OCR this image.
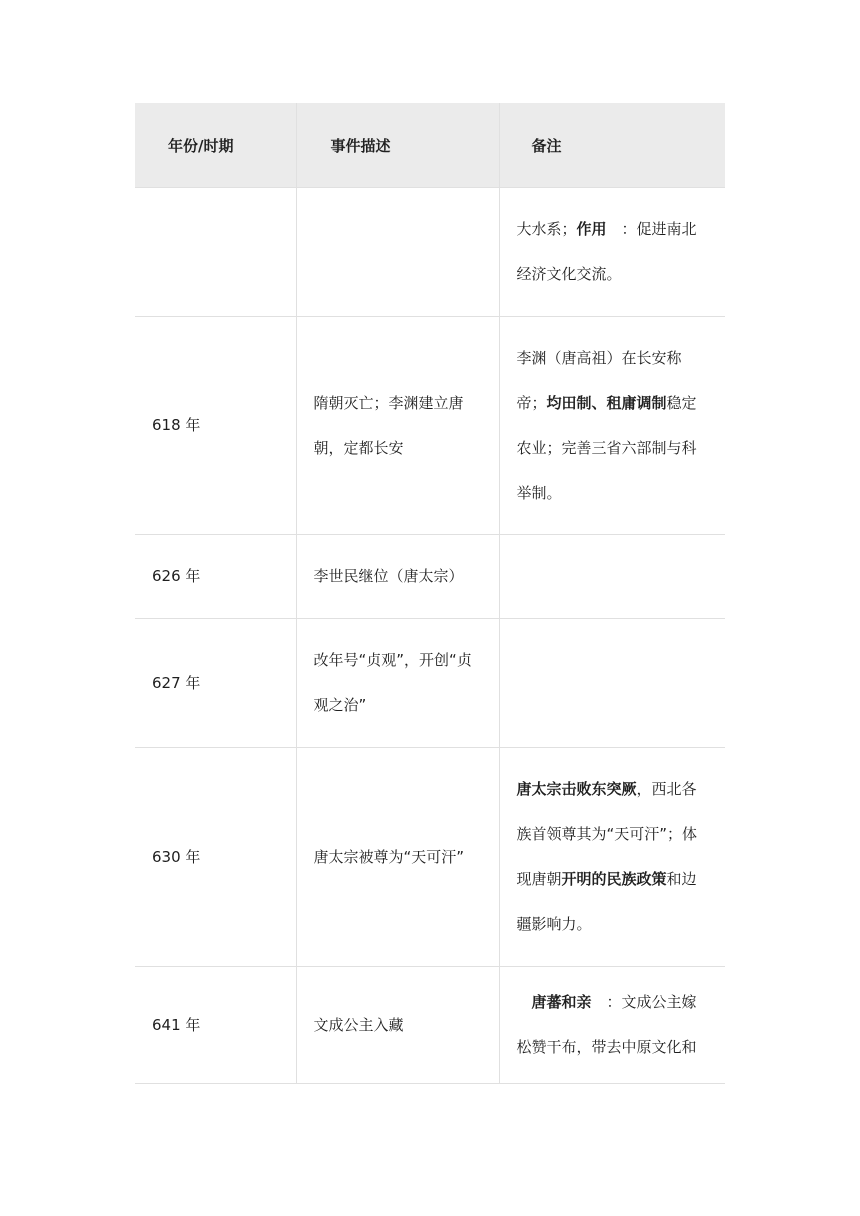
年份/时期	事件描述	备注

		大水系；作用　：促进南北经济文化交流。
618 年	隋朝灭亡；李渊建立唐朝，定都长安	李渊（唐高祖）在长安称帝；均田制、租庸调制稳定农业；完善三省六部制与科举制。
626 年	李世民继位（唐太宗）	
627 年	改年号“贞观”，开创“贞观之治”	
630 年	唐太宗被尊为“天可汗”	唐太宗击败东突厥，西北各族首领尊其为“天可汗”；体现唐朝开明的民族政策和边疆影响力。
641 年	文成公主入藏	　唐蕃和亲　：文成公主嫁松赞干布，带去中原文化和
